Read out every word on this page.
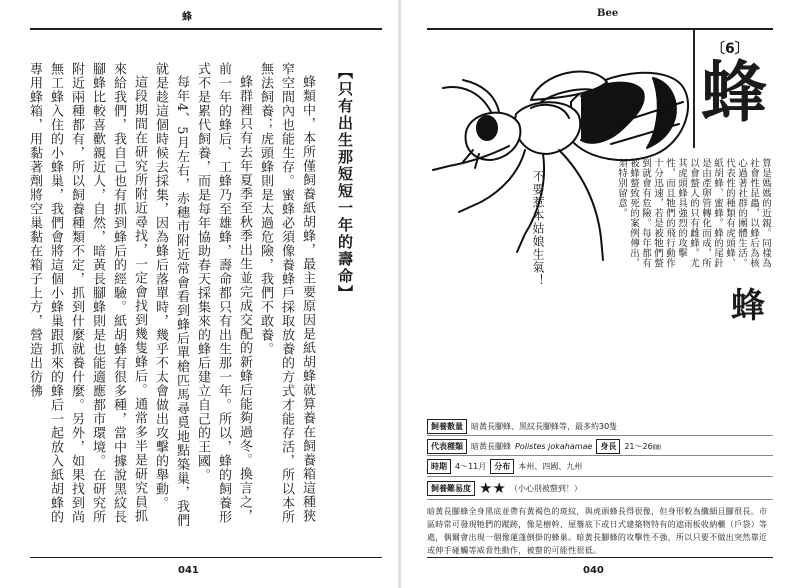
蜂
【只有出生那短短一年的壽命】

蜂類中，本所僅飼養紙胡蜂，最主要原因是紙胡蜂就算養在飼養箱這種狹窄空間內也能生存。蜜蜂必須像養蜂戶採取放養的方式才能存活，所以本所無法飼養；虎頭蜂則是太過危險，我們不敢養。

蜂群裡只有去年夏季至秋季出生並完成交配的新蜂后能夠過冬。換言之，前一年的蜂后、工蜂乃至雄蜂，壽命都只有出生那一年。所以，蜂的飼養形式不是累代飼養，而是每年協助春天採集來的蜂后建立自己的王國。

每年4、5月左右，赤穗市附近常會看到蜂后單槍匹馬尋覓地點築巢，我們就是趁這個時候去採集，因為蜂后落單時，幾乎不太會做出攻擊的舉動。

這段期間在研究所附近尋找，一定會找到幾隻蜂后。通常多半是研究員抓來給我們，我自己也有抓到蜂后的經驗。紙胡蜂有很多種，當中據說黑紋長腳蜂比較喜歡親近人，自然，暗黃長腳蜂則是也能適應都市環境。在研究所附近兩種都有，所以飼養種類不定，抓到什麼就養什麼。另外，如果找到尚無工蜂入住的小蜂巢，我們會將這個小蜂巢跟抓來的蜂后一起放入紙胡蜂的專用蜂箱，用黏著劑將空巢黏在箱子上方，營造出彷彿

041
Bee
〔6〕
蜂
不要惹本姑娘生氣！	算是媽媽的近親。同樣為社會性昆蟲，以蜂后為核心過著社群的團體生活。代表性的種類有虎頭蜂、紙胡蜂、蜜蜂。蜂的尾針是由產卵管轉化而成，所以會螫人的只有雌蜂。尤其虎頭蜂具強烈的攻擊性，而且牠們的飛行動作十分迅速，若是被牠們螫到就會有危險。每年都有被蜂螫致死的案例傳出，須特別留意。
蜂
飼養數量	暗黃長腳蜂、黑紋長腳蜂等，最多約30隻
代表種類	暗黃長腳蜂 Polistes jokahamae	身長	21～26㎜
時期	4～11月	分布	本州、四國、九州
飼養難易度 ★★ （小心別被螫到！）
暗黃長腳蜂全身黑底並帶有黃褐色的斑紋，與虎頭蜂長得很像，但身形較為纖細且腳很長。市區時常可發現牠們的蹤跡，像是樹幹、屋簷底下或日式建築物特有的遮雨板收納櫃（戶袋）等處，偶爾會出現一個像蓮蓬倒掛的蜂巢。暗黃長腳蜂的攻擊性不強，所以只要不做出突然靠近或伸手碰觸等威脅性動作，被螫的可能性很低。
040
